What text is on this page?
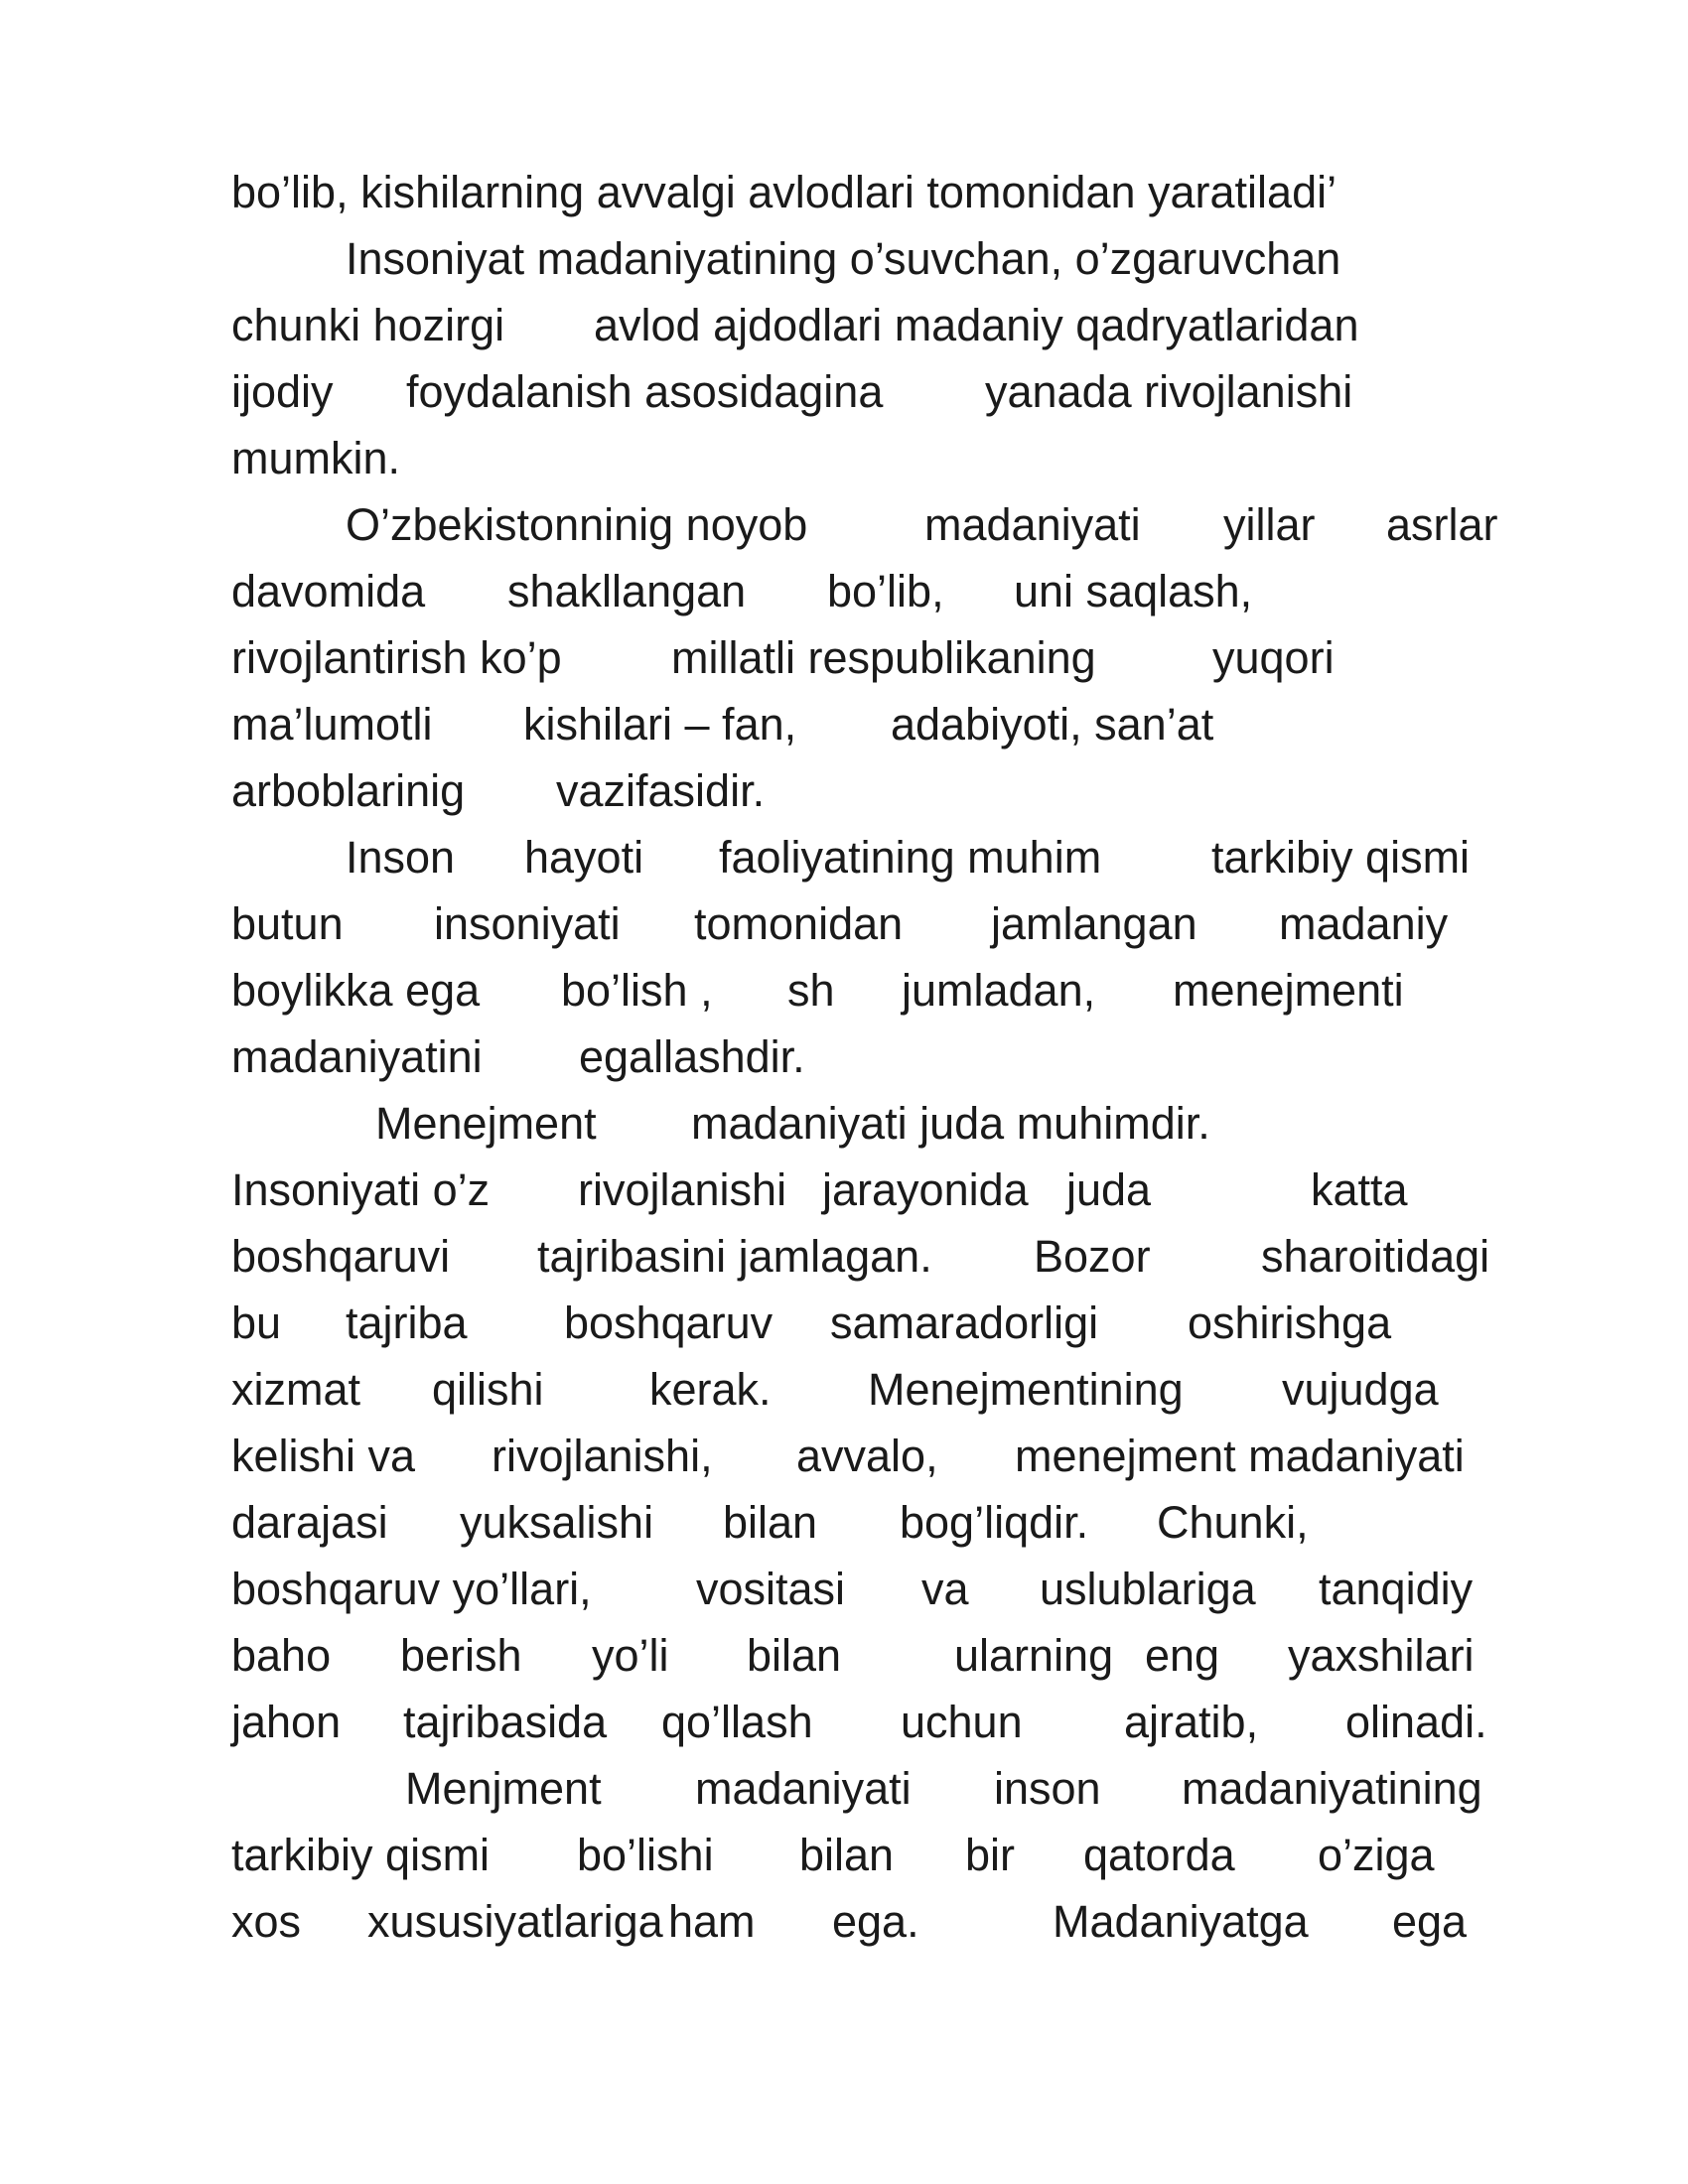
bo’lib, kishilarning avvalgi avlodlari tomonidan yaratiladi’
Insoniyat madaniyatining o’suvchan, o’zgaruvchan
chunki hozirgi avlod ajdodlari madaniy qadryatlaridan
ijodiy foydalanish asosidagina yanada rivojlanishi
mumkin.
O’zbekistonninig noyob	madaniyati yillar asrlar
davomida shakllangan bo’lib, uni saqlash,
rivojlantirish ko’p millatli respublikaning	yuqori
ma’lumotli kishilari – fan, adabiyoti, san’at
arboblarinig vazifasidir.
Inson hayoti faoliyatining muhim tarkibiy qismi
butun insoniyati tomonidan jamlangan madaniy
boylikka ega bo’lish , sh jumladan, menejmenti
madaniyatini egallashdir.
Menejment madaniyati juda muhimdir.
Insoniyati o’z rivojlanishi jarayonida juda	katta
boshqaruvi tajribasini jamlagan. Bozor sharoitidagi
bu tajriba boshqaruv samaradorligi oshirishga
xizmat qilishi kerak. Menejmentining vujudga
kelishi va rivojlanishi, avvalo, menejment madaniyati
darajasi yuksalishi bilan bog’liqdir. Chunki,
boshqaruv yo’llari, vositasi va uslublariga tanqidiy
baho berish yo’li bilan	ularning eng yaxshilari
jahon tajribasida qo’llash uchun ajratib, olinadi.
Menjment madaniyati inson madaniyatining
tarkibiy qismi bo’lishi bilan bir qatorda o’ziga
xos xususiyatlariga ham ega.	Madaniyatga ega
